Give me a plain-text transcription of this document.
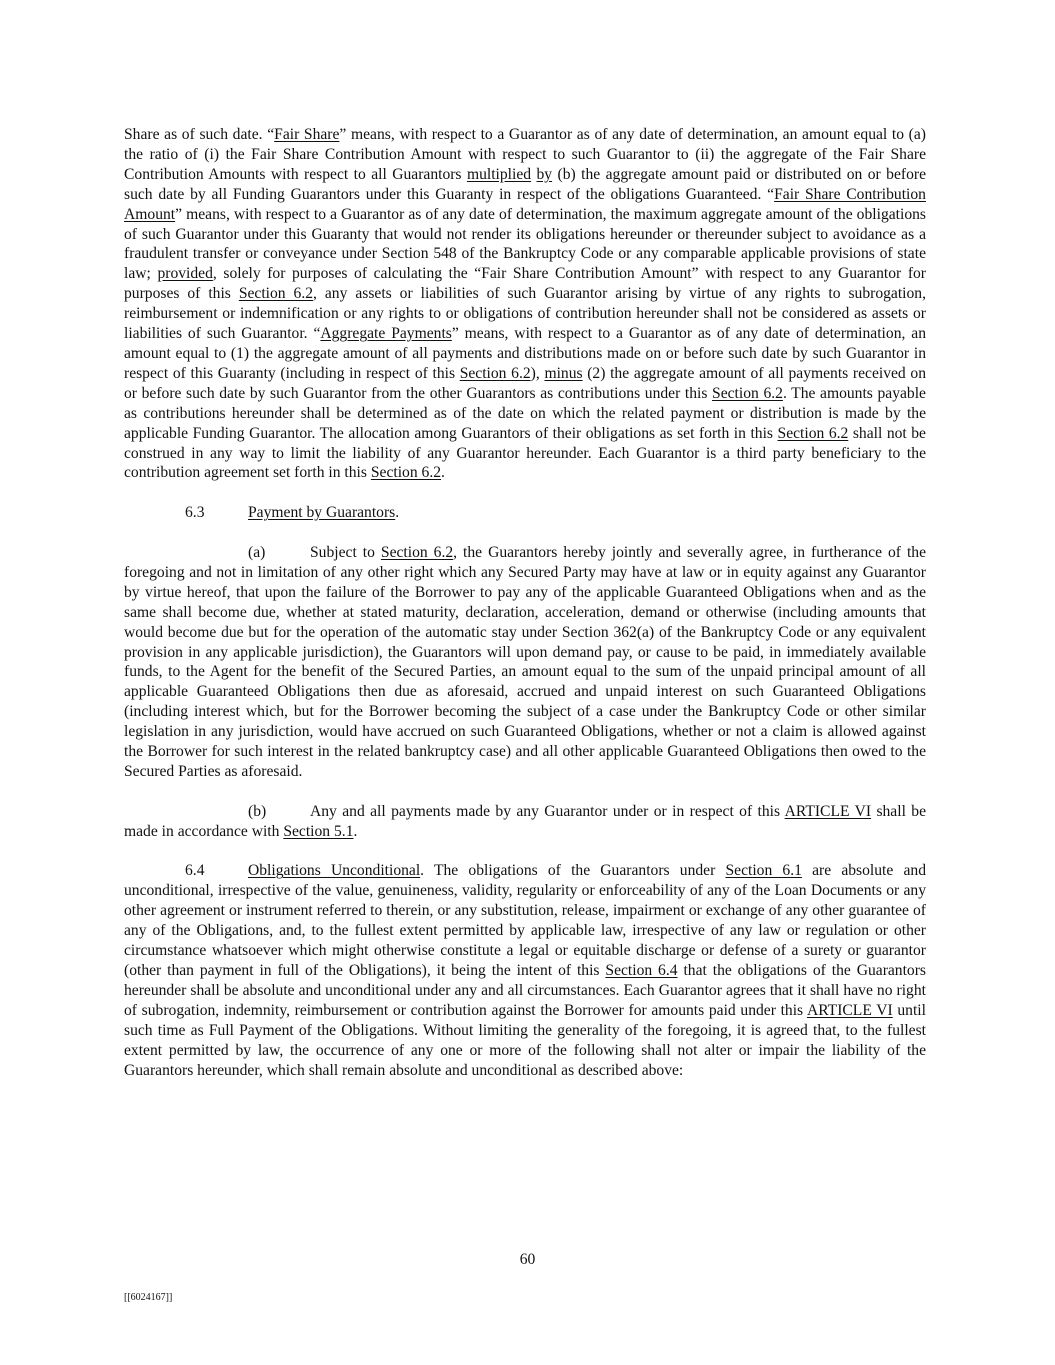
Share as of such date. “Fair Share” means, with respect to a Guarantor as of any date of determination, an amount equal to (a) the ratio of (i) the Fair Share Contribution Amount with respect to such Guarantor to (ii) the aggregate of the Fair Share Contribution Amounts with respect to all Guarantors multiplied by (b) the aggregate amount paid or distributed on or before such date by all Funding Guarantors under this Guaranty in respect of the obligations Guaranteed. “Fair Share Contribution Amount” means, with respect to a Guarantor as of any date of determination, the maximum aggregate amount of the obligations of such Guarantor under this Guaranty that would not render its obligations hereunder or thereunder subject to avoidance as a fraudulent transfer or conveyance under Section 548 of the Bankruptcy Code or any comparable applicable provisions of state law; provided, solely for purposes of calculating the “Fair Share Contribution Amount” with respect to any Guarantor for purposes of this Section 6.2, any assets or liabilities of such Guarantor arising by virtue of any rights to subrogation, reimbursement or indemnification or any rights to or obligations of contribution hereunder shall not be considered as assets or liabilities of such Guarantor. “Aggregate Payments” means, with respect to a Guarantor as of any date of determination, an amount equal to (1) the aggregate amount of all payments and distributions made on or before such date by such Guarantor in respect of this Guaranty (including in respect of this Section 6.2), minus (2) the aggregate amount of all payments received on or before such date by such Guarantor from the other Guarantors as contributions under this Section 6.2. The amounts payable as contributions hereunder shall be determined as of the date on which the related payment or distribution is made by the applicable Funding Guarantor. The allocation among Guarantors of their obligations as set forth in this Section 6.2 shall not be construed in any way to limit the liability of any Guarantor hereunder. Each Guarantor is a third party beneficiary to the contribution agreement set forth in this Section 6.2.

6.3	Payment by Guarantors.

(a)	Subject to Section 6.2, the Guarantors hereby jointly and severally agree, in furtherance of the foregoing and not in limitation of any other right which any Secured Party may have at law or in equity against any Guarantor by virtue hereof, that upon the failure of the Borrower to pay any of the applicable Guaranteed Obligations when and as the same shall become due, whether at stated maturity, declaration, acceleration, demand or otherwise (including amounts that would become due but for the operation of the automatic stay under Section 362(a) of the Bankruptcy Code or any equivalent provision in any applicable jurisdiction), the Guarantors will upon demand pay, or cause to be paid, in immediately available funds, to the Agent for the benefit of the Secured Parties, an amount equal to the sum of the unpaid principal amount of all applicable Guaranteed Obligations then due as aforesaid, accrued and unpaid interest on such Guaranteed Obligations (including interest which, but for the Borrower becoming the subject of a case under the Bankruptcy Code or other similar legislation in any jurisdiction, would have accrued on such Guaranteed Obligations, whether or not a claim is allowed against the Borrower for such interest in the related bankruptcy case) and all other applicable Guaranteed Obligations then owed to the Secured Parties as aforesaid.

(b)	Any and all payments made by any Guarantor under or in respect of this ARTICLE VI shall be made in accordance with Section 5.1.

6.4	Obligations Unconditional. The obligations of the Guarantors under Section 6.1 are absolute and unconditional, irrespective of the value, genuineness, validity, regularity or enforceability of any of the Loan Documents or any other agreement or instrument referred to therein, or any substitution, release, impairment or exchange of any other guarantee of any of the Obligations, and, to the fullest extent permitted by applicable law, irrespective of any law or regulation or other circumstance whatsoever which might otherwise constitute a legal or equitable discharge or defense of a surety or guarantor (other than payment in full of the Obligations), it being the intent of this Section 6.4 that the obligations of the Guarantors hereunder shall be absolute and unconditional under any and all circumstances. Each Guarantor agrees that it shall have no right of subrogation, indemnity, reimbursement or contribution against the Borrower for amounts paid under this ARTICLE VI until such time as Full Payment of the Obligations. Without limiting the generality of the foregoing, it is agreed that, to the fullest extent permitted by law, the occurrence of any one or more of the following shall not alter or impair the liability of the Guarantors hereunder, which shall remain absolute and unconditional as described above:

60
[[6024167]]
